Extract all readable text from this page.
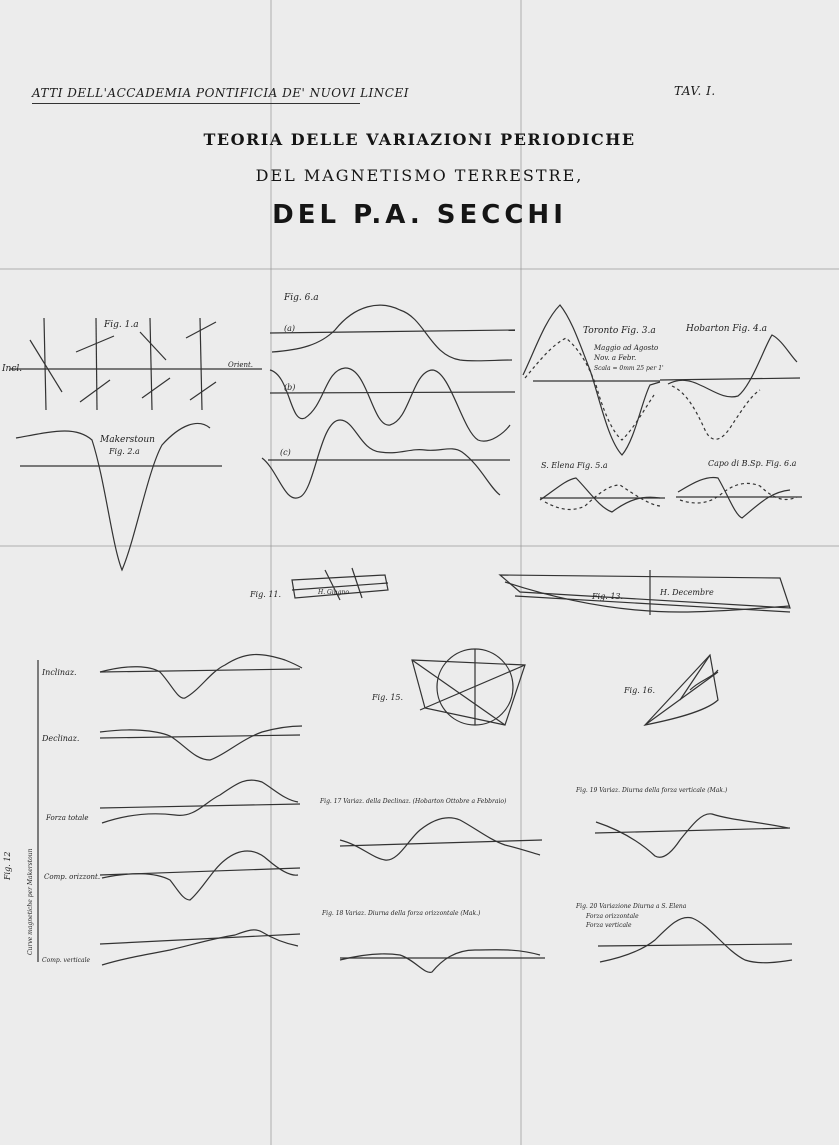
ATTI DELL'ACCADEMIA PONTIFICIA DE' NUOVI LINCEI	TAV. I.
TEORIA DELLE VARIAZIONI PERIODICHE
DEL MAGNETISMO TERRESTRE,
DEL P.A. SECCHI
Fig. 1.a
Incl.	Orient.
Makerstoun
Fig. 2.a
Fig. 6.a
(a)
(b)
(c)
Toronto Fig. 3.a
Maggio ad Agosto
Nov. a Febr.
Scala = 0mm 25 per 1'
Hobarton Fig. 4.a
S. Elena Fig. 5.a	Capo di B.Sp. Fig. 6.a
Fig. 11.	H. Giugno	Fig. 13.	H. Decembre
Fig. 12	Curve magnetiche per Makerstoun
Inclinaz.
Declinaz.
Forza totale
Comp. orizzont.
Comp. verticale
Fig. 15.
Fig. 16.
Fig. 17 Variaz. della Declinaz. (Hobarton Ottobre a Febbraio)
Fig. 18 Variaz. Diurna della forza orizzontale (Mak.)
Fig. 19 Variaz. Diurna della forza verticale (Mak.)
Fig. 20 Variazione Diurna a S. Elena
Forza orizzontale
Forza verticale
